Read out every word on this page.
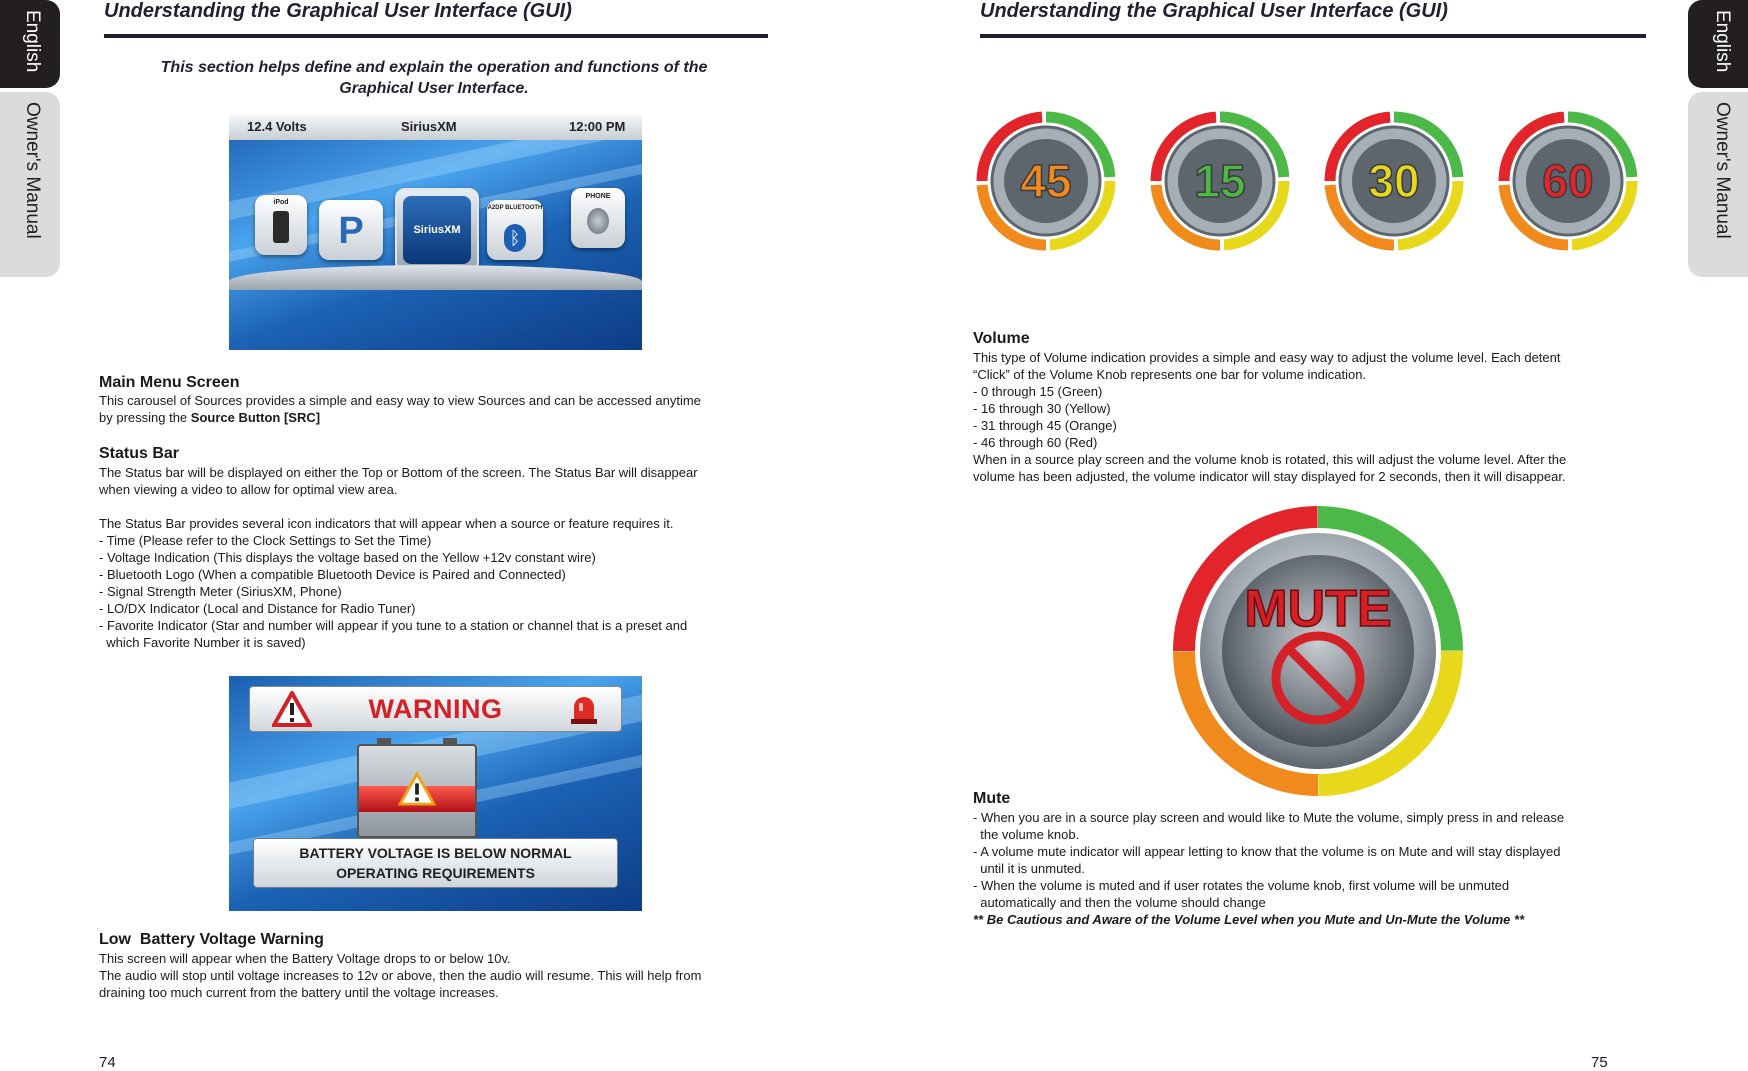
English
Owner's Manual
English
Owner's Manual
Understanding the Graphical User Interface (GUI)
This section helps define and explain the operation and functions of the
Graphical User Interface.
12.4 Volts	SiriusXM	12:00 PM
iPod
P	SiriusXM
A2DP BLUETOOTH
ᛒ
PHONE
Main Menu Screen
This carousel of Sources provides a simple and easy way to view Sources and can be accessed anytime
by pressing the Source Button [SRC]
Status Bar
The Status bar will be displayed on either the Top or Bottom of the screen. The Status Bar will disappear
when viewing a video to allow for optimal view area.
The Status Bar provides several icon indicators that will appear when a source or feature requires it.
- Time (Please refer to the Clock Settings to Set the Time)
- Voltage Indication (This displays the voltage based on the Yellow +12v constant wire)
- Bluetooth Logo (When a compatible Bluetooth Device is Paired and Connected)
- Signal Strength Meter (SiriusXM, Phone)
- LO/DX Indicator (Local and Distance for Radio Tuner)
- Favorite Indicator (Star and number will appear if you tune to a station or channel that is a preset and
which Favorite Number it is saved)
WARNING
BATTERY VOLTAGE IS BELOW NORMAL
OPERATING REQUIREMENTS
Low  Battery Voltage Warning
This screen will appear when the Battery Voltage drops to or below 10v.
The audio will stop until voltage increases to 12v or above, then the audio will resume. This will help from
draining too much current from the battery until the voltage increases.
74
Understanding the Graphical User Interface (GUI)
45	15	30	60
Volume
This type of Volume indication provides a simple and easy way to adjust the volume level. Each detent
“Click” of the Volume Knob represents one bar for volume indication.
- 0 through 15 (Green)
- 16 through 30 (Yellow)
- 31 through 45 (Orange)
- 46 through 60 (Red)
When in a source play screen and the volume knob is rotated, this will adjust the volume level. After the
volume has been adjusted, the volume indicator will stay displayed for 2 seconds, then it will disappear.
MUTE
Mute
- When you are in a source play screen and would like to Mute the volume, simply press in and release
the volume knob.
- A volume mute indicator will appear letting to know that the volume is on Mute and will stay displayed
until it is unmuted.
- When the volume is muted and if user rotates the volume knob, first volume will be unmuted
automatically and then the volume should change
** Be Cautious and Aware of the Volume Level when you Mute and Un-Mute the Volume **
75
